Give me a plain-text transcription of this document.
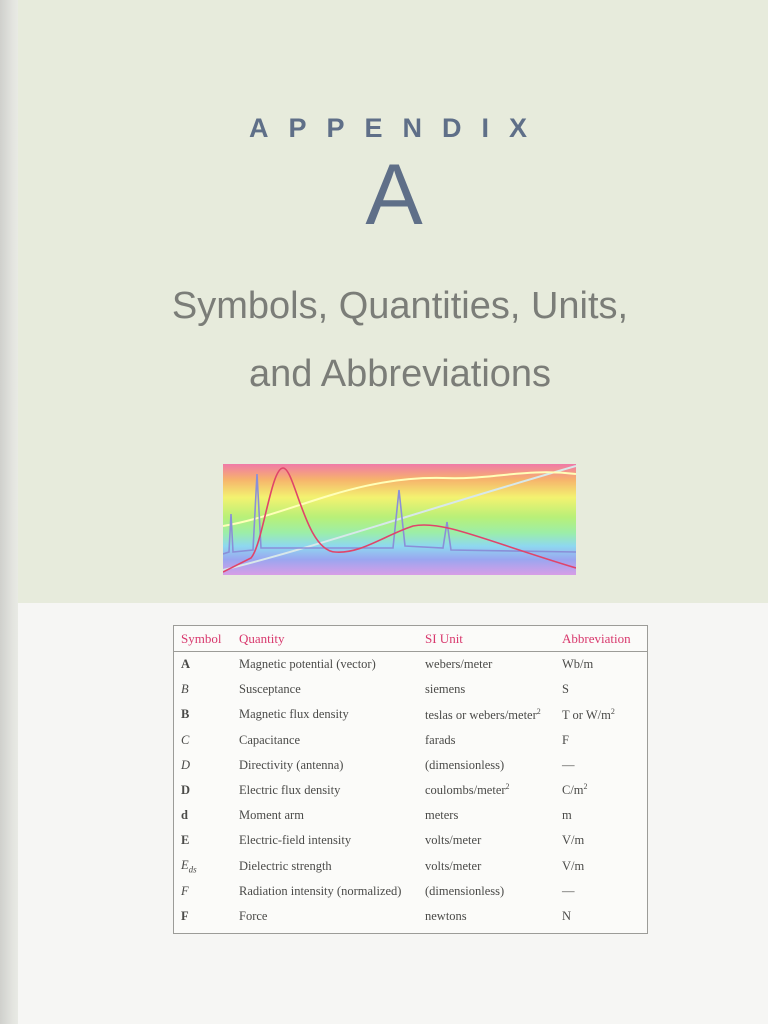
APPENDIX
A
Symbols, Quantities, Units,
and Abbreviations
Symbol	Quantity	SI Unit	Abbreviation
A	Magnetic potential (vector)	webers/meter	Wb/m
B	Susceptance	siemens	S
B	Magnetic flux density	teslas or webers/meter$^2$	T or $W/m^2$
C	Capacitance	farads	F
D	Directivity (antenna)	(dimensionless)	—
D	Electric flux density	coulombs/meter$^2$	$C/m^2$
d	Moment arm	meters	m
E	Electric-field intensity	volts/meter	V/m
$E_{ds}$	Dielectric strength	volts/meter	V/m
F	Radiation intensity (normalized)	(dimensionless)	—
F	Force	newtons	N
